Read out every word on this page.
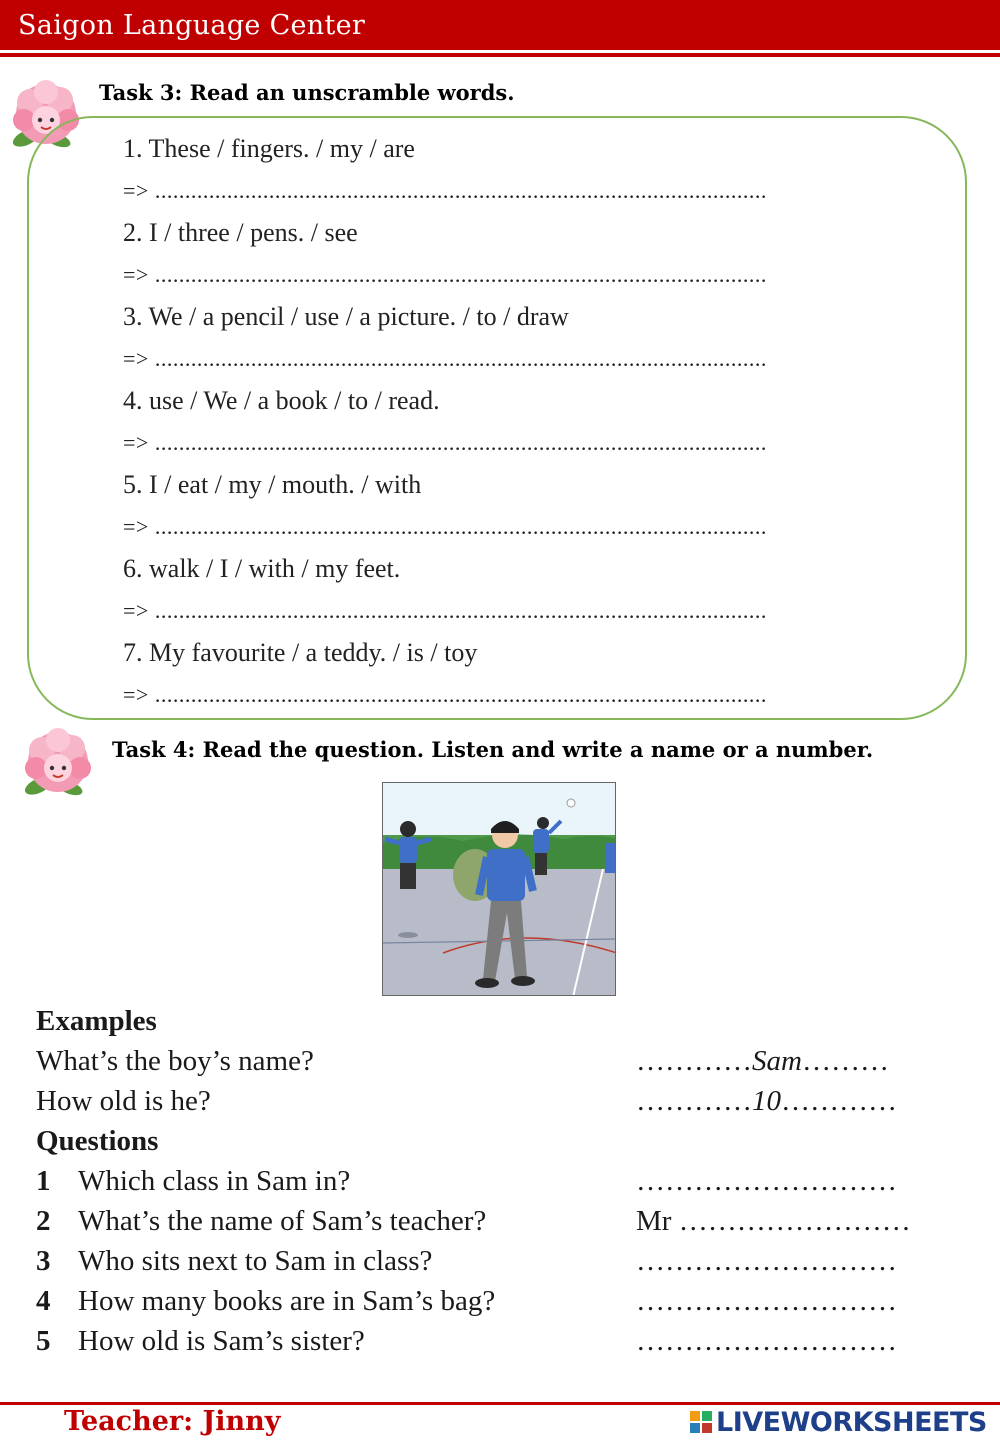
Saigon Language Center
Task 3: Read an unscramble words.
1. These / fingers. / my / are
=> ......................................................................................................
2. I / three / pens. / see
=> ......................................................................................................
3. We / a pencil / use / a picture. / to / draw
=> ......................................................................................................
4. use / We / a book / to / read.
=> ......................................................................................................
5. I / eat / my / mouth. / with
=> ......................................................................................................
6. walk / I / with / my feet.
=> ......................................................................................................
7. My favourite / a teddy. / is / toy
=> ......................................................................................................
Task 4: Read the question. Listen and write a name or a number.
Examples
What’s the boy’s name?	…………Sam………
How old is he?	…………10…………
Questions
1 Which class in Sam in?	………………………
2 What’s the name of Sam’s teacher?	Mr ……………………
3 Who sits next to Sam in class?	………………………
4 How many books are in Sam’s bag?	………………………
5 How old is Sam’s sister?	………………………
Teacher: Jinny	LIVEWORKSHEETS
